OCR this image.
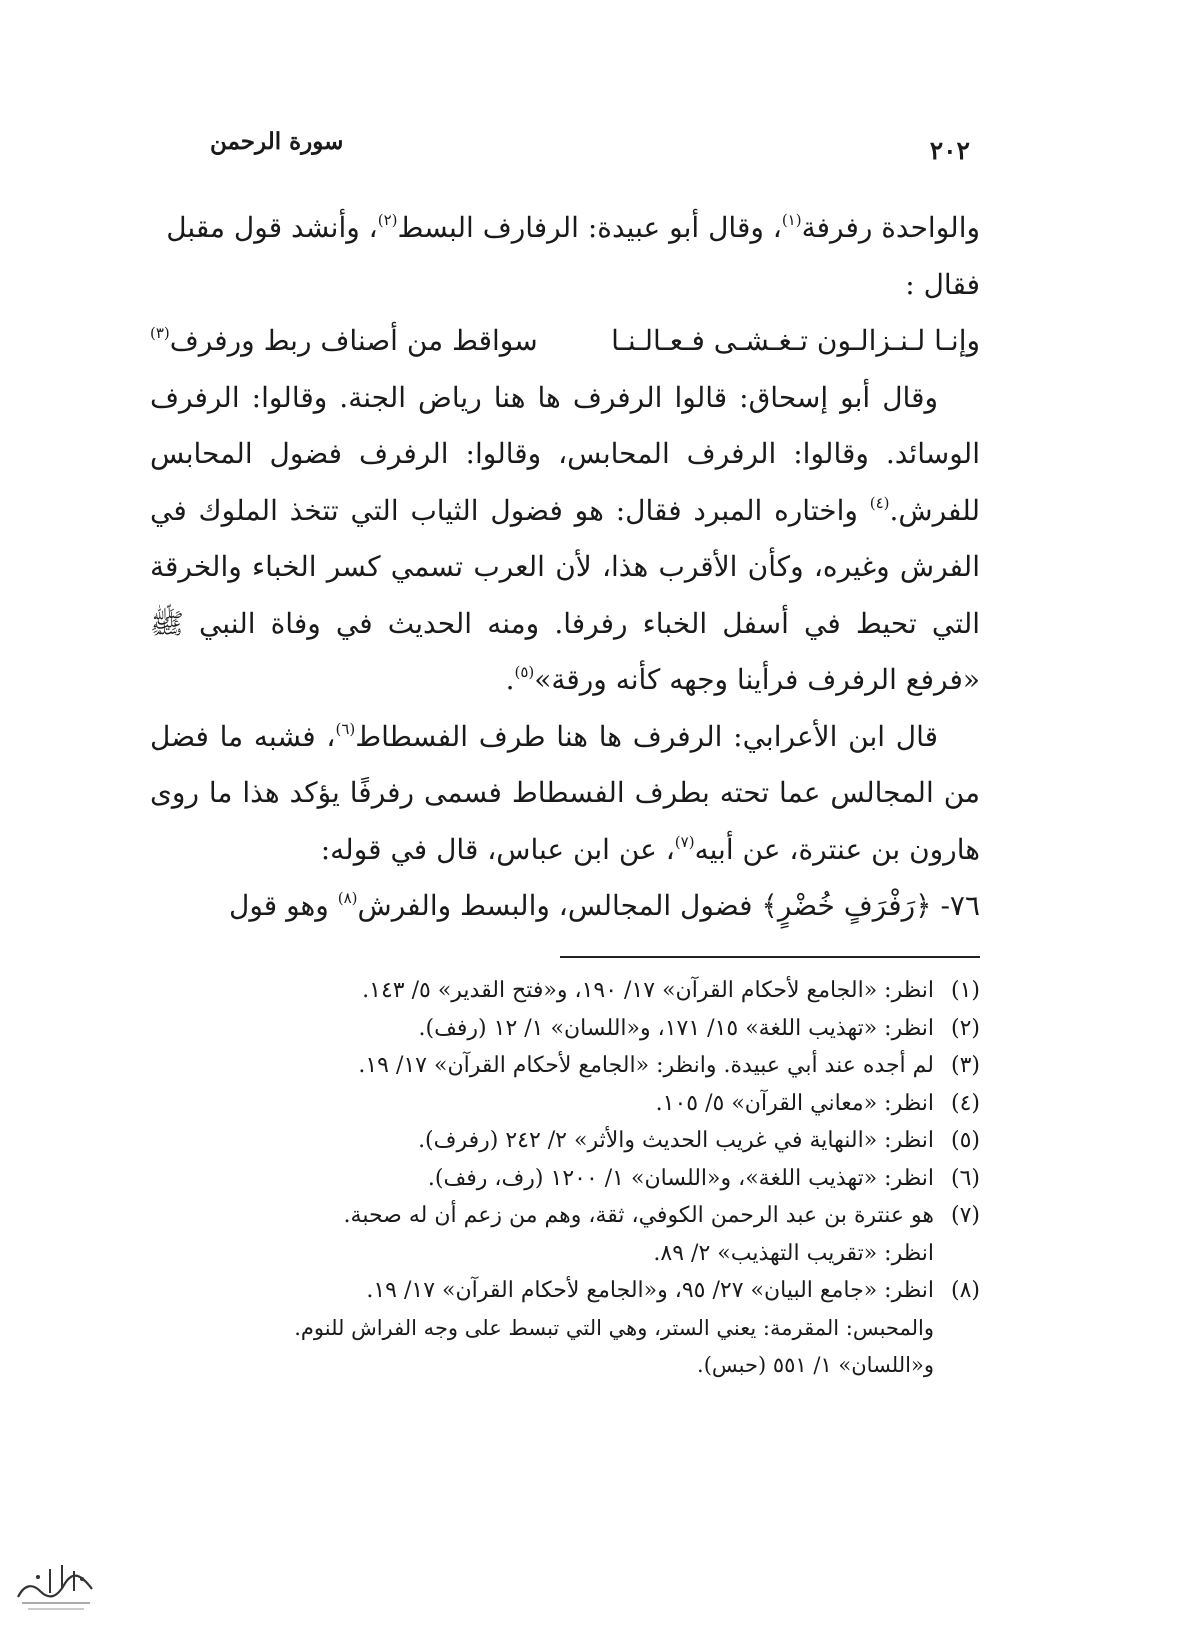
٢٠٢
سورة الرحمن

والواحدة رفرفة$^{(١)}$، وقال أبو عبيدة: الرفارف البسط$^{(٢)}$، وأنشد قول مقبل

فقال :

وإنـا لـنـزالـون تـغـشـى فـعـالـنـا
سواقط من أصناف ربط ورفرف$^{(٣)}$

وقال أبو إسحاق: قالوا الرفرف ها هنا رياض الجنة. وقالوا: الرفرف الوسائد. وقالوا: الرفرف المحابس، وقالوا: الرفرف فضول المحابس للفرش.$^{(٤)}$ واختاره المبرد فقال: هو فضول الثياب التي تتخذ الملوك في الفرش وغيره، وكأن الأقرب هذا، لأن العرب تسمي كسر الخباء والخرقة التي تحيط في أسفل الخباء رفرفا. ومنه الحديث في وفاة النبي ﷺ «فرفع الرفرف فرأينا وجهه كأنه ورقة»$^{(٥)}$.

قال ابن الأعرابي: الرفرف ها هنا طرف الفسطاط$^{(٦)}$، فشبه ما فضل من المجالس عما تحته بطرف الفسطاط فسمى رفرفًا يؤكد هذا ما روى هارون بن عنترة، عن أبيه$^{(٧)}$، عن ابن عباس، قال في قوله:

٧٦- ﴿رَفْرَفٍ خُضْرٍ﴾ فضول المجالس، والبسط والفرش$^{(٨)}$ وهو قول

(١)
انظر: «الجامع لأحكام القرآن» ١٧/ ١٩٠، و«فتح القدير» ٥/ ١٤٣.
(٢)
انظر: «تهذيب اللغة» ١٥/ ١٧١، و«اللسان» ١/ ١٢ (رفف).
(٣)
لم أجده عند أبي عبيدة. وانظر: «الجامع لأحكام القرآن» ١٧/ ١٩.
(٤)
انظر: «معاني القرآن» ٥/ ١٠٥.
(٥)
انظر: «النهاية في غريب الحديث والأثر» ٢/ ٢٤٢ (رفرف).
(٦)
انظر: «تهذيب اللغة»، و«اللسان» ١/ ١٢٠٠ (رف، رفف).
(٧)
هو عنترة بن عبد الرحمن الكوفي، ثقة، وهم من زعم أن له صحبة.
انظر: «تقريب التهذيب» ٢/ ٨٩.
(٨)
انظر: «جامع البيان» ٢٧/ ٩٥، و«الجامع لأحكام القرآن» ١٧/ ١٩.
والمحبس: المقرمة: يعني الستر، وهي التي تبسط على وجه الفراش للنوم.
و«اللسان» ١/ ٥٥١ (حبس).
